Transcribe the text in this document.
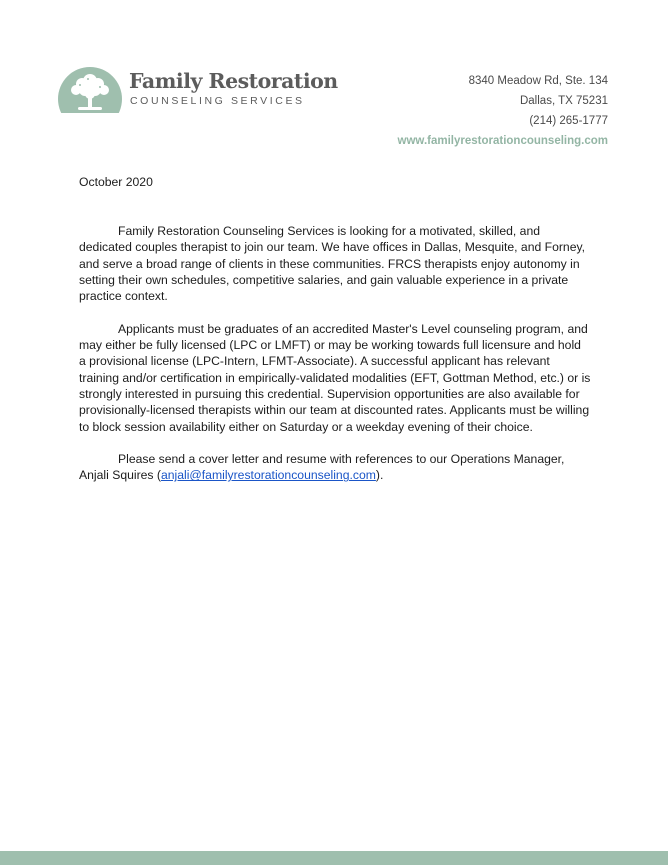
Family Restoration
COUNSELING SERVICES
8340 Meadow Rd, Ste. 134
Dallas, TX 75231
(214) 265-1777
www.familyrestorationcounseling.com
October 2020

Family Restoration Counseling Services is looking for a motivated, skilled, and dedicated couples therapist to join our team. We have offices in Dallas, Mesquite, and Forney, and serve a broad range of clients in these communities. FRCS therapists enjoy autonomy in setting their own schedules, competitive salaries, and gain valuable experience in a private practice context.

Applicants must be graduates of an accredited Master's Level counseling program, and may either be fully licensed (LPC or LMFT) or may be working towards full licensure and hold a provisional license (LPC-Intern, LFMT-Associate). A successful applicant has relevant training and/or certification in empirically-validated modalities (EFT, Gottman Method, etc.) or is strongly interested in pursuing this credential. Supervision opportunities are also available for provisionally-licensed therapists within our team at discounted rates. Applicants must be willing to block session availability either on Saturday or a weekday evening of their choice.

Please send a cover letter and resume with references to our Operations Manager, Anjali Squires (anjali@familyrestorationcounseling.com).
